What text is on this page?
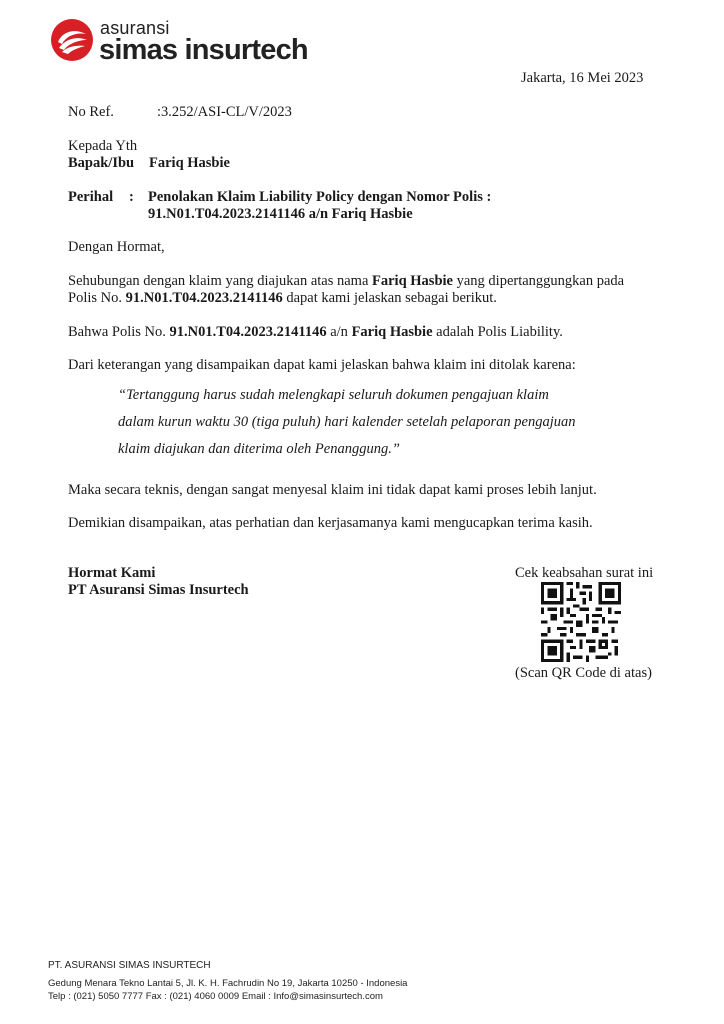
asuransi
simas insurtech
Jakarta, 16 Mei 2023
No Ref.	:3.252/ASI-CL/V/2023
Kepada Yth
Bapak/Ibu Fariq Hasbie
Perihal : Penolakan Klaim Liability Policy dengan Nomor Polis :
91.N01.T04.2023.2141146 a/n Fariq Hasbie
Dengan Hormat,
Sehubungan dengan klaim yang diajukan atas nama Fariq Hasbie yang dipertanggungkan pada
Polis No. 91.N01.T04.2023.2141146 dapat kami jelaskan sebagai berikut.
Bahwa Polis No. 91.N01.T04.2023.2141146 a/n Fariq Hasbie adalah Polis Liability.
Dari keterangan yang disampaikan dapat kami jelaskan bahwa klaim ini ditolak karena:
“Tertanggung harus sudah melengkapi seluruh dokumen pengajuan klaim
dalam kurun waktu 30 (tiga puluh) hari kalender setelah pelaporan pengajuan
klaim diajukan dan diterima oleh Penanggung.”
Maka secara teknis, dengan sangat menyesal klaim ini tidak dapat kami proses lebih lanjut.
Demikian disampaikan, atas perhatian dan kerjasamanya kami mengucapkan terima kasih.
Hormat Kami
PT Asuransi Simas Insurtech
Cek keabsahan surat ini
(Scan QR Code di atas)
PT. ASURANSI SIMAS INSURTECH
Gedung Menara Tekno Lantai 5, Jl. K. H. Fachrudin No 19, Jakarta 10250 - Indonesia
Telp : (021) 5050 7777 Fax : (021) 4060 0009 Email : Info@simasinsurtech.com
